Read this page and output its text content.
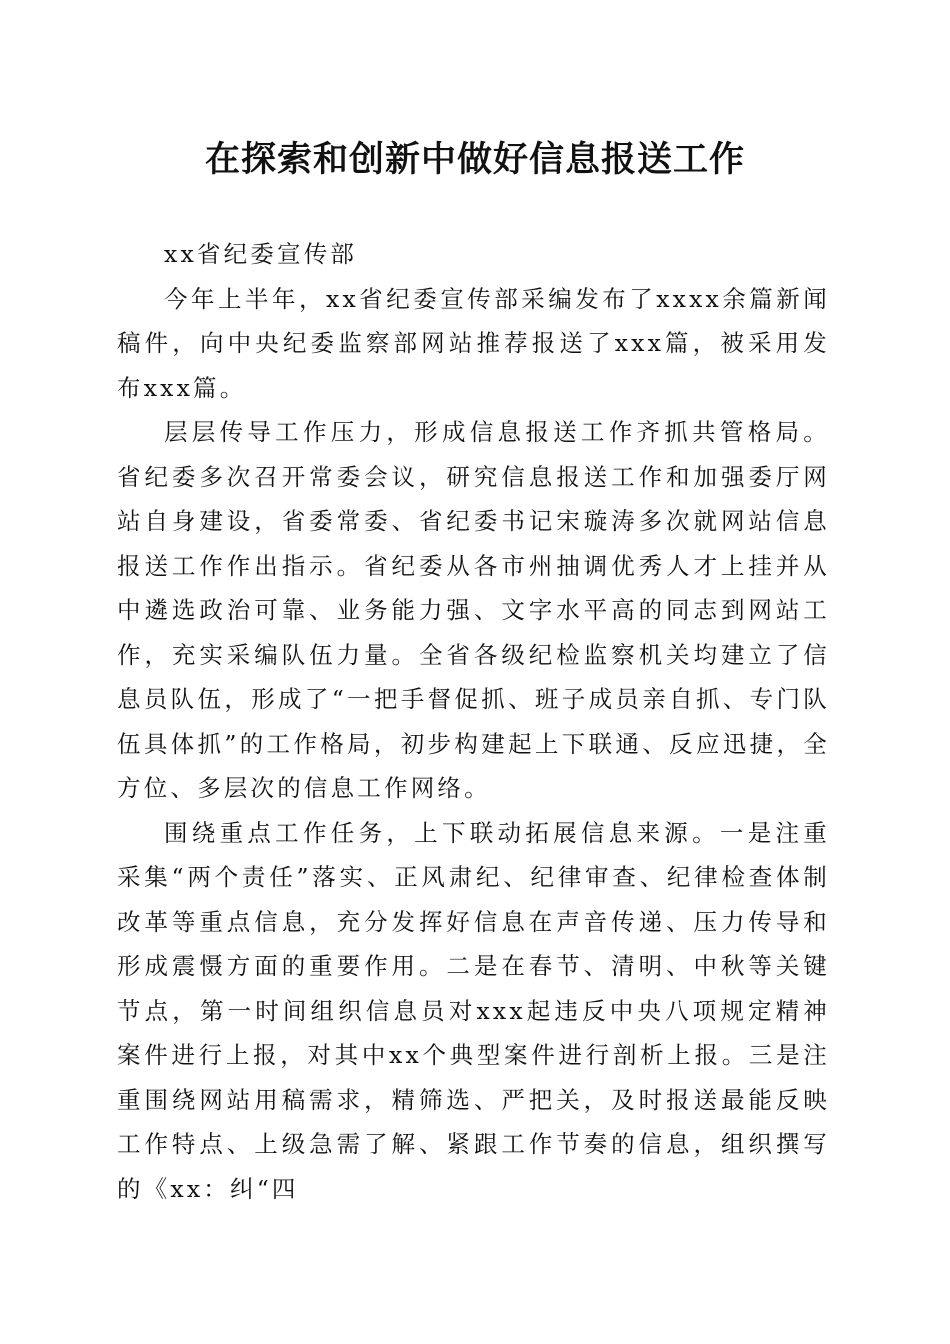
在探索和创新中做好信息报送工作

xx省纪委宣传部

今年上半年，xx省纪委宣传部采编发布了xxxx余篇新闻稿件，向中央纪委监察部网站推荐报送了xxx篇，被采用发布xxx篇。

层层传导工作压力，形成信息报送工作齐抓共管格局。省纪委多次召开常委会议，研究信息报送工作和加强委厅网站自身建设，省委常委、省纪委书记宋璇涛多次就网站信息报送工作作出指示。省纪委从各市州抽调优秀人才上挂并从中遴选政治可靠、业务能力强、文字水平高的同志到网站工作，充实采编队伍力量。全省各级纪检监察机关均建立了信息员队伍，形成了“一把手督促抓、班子成员亲自抓、专门队伍具体抓”的工作格局，初步构建起上下联通、反应迅捷，全方位、多层次的信息工作网络。

围绕重点工作任务，上下联动拓展信息来源。一是注重采集“两个责任”落实、正风肃纪、纪律审查、纪律检查体制改革等重点信息，充分发挥好信息在声音传递、压力传导和形成震慑方面的重要作用。二是在春节、清明、中秋等关键节点，第一时间组织信息员对xxx起违反中央八项规定精神案件进行上报，对其中xx个典型案件进行剖析上报。三是注重围绕网站用稿需求，精筛选、严把关，及时报送最能反映工作特点、上级急需了解、紧跟工作节奏的信息，组织撰写的《xx：纠“四
